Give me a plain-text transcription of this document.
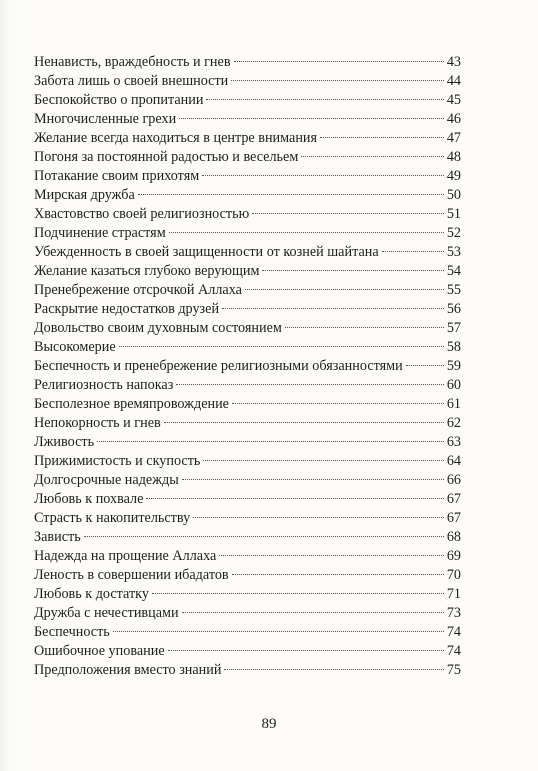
Ненависть, враждебность и гнев	43
Забота лишь о своей внешности	44
Беспокойство о пропитании	45
Многочисленные грехи	46
Желание всегда находиться в центре внимания	47
Погоня за постоянной радостью и весельем	48
Потакание своим прихотям	49
Мирская дружба	50
Хвастовство своей религиозностью	51
Подчинение страстям	52
Убежденность в своей защищенности от козней шайтана	53
Желание казаться глубоко верующим	54
Пренебрежение отсрочкой Аллаха	55
Раскрытие недостатков друзей	56
Довольство своим духовным состоянием	57
Высокомерие	58
Беспечность и пренебрежение религиозными обязанностями	59
Религиозность напоказ	60
Бесполезное времяпровождение	61
Непокорность и гнев	62
Лживость	63
Прижимистость и скупость	64
Долгосрочные надежды	66
Любовь к похвале	67
Страсть к накопительству	67
Зависть	68
Надежда на прощение Аллаха	69
Леность в совершении ибадатов	70
Любовь к достатку	71
Дружба с нечестивцами	73
Беспечность	74
Ошибочное упование	74
Предположения вместо знаний	75
89
